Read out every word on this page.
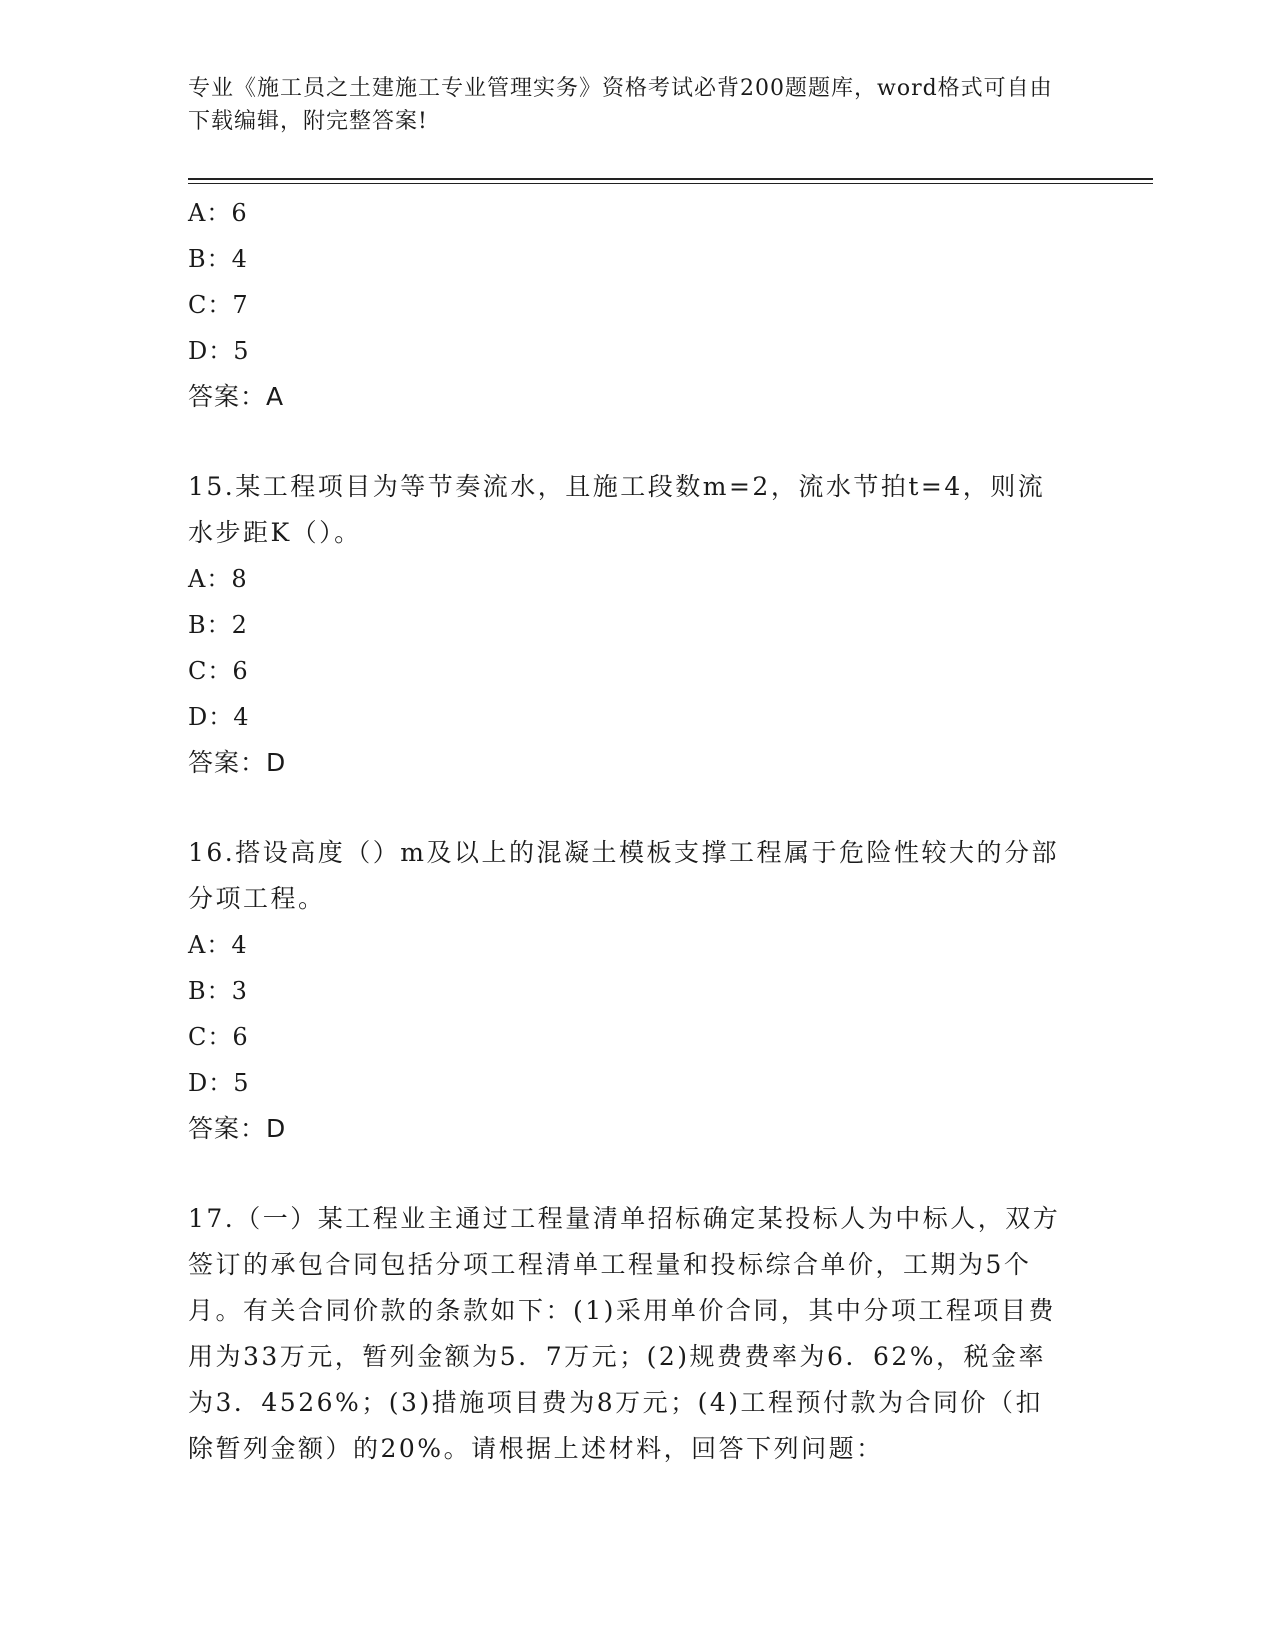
专业《施工员之土建施工专业管理实务》资格考试必背200题题库，word格式可自由下载编辑，附完整答案!
A：6
B：4
C：7
D：5
答案：A

15.某工程项目为等节奏流水，且施工段数m=2，流水节拍t=4，则流水步距K（）。

A：8
B：2
C：6
D：4
答案：D

16.搭设高度（）m及以上的混凝土模板支撑工程属于危险性较大的分部分项工程。

A：4
B：3
C：6
D：5
答案：D

17.（一）某工程业主通过工程量清单招标确定某投标人为中标人，双方签订的承包合同包括分项工程清单工程量和投标综合单价，工期为5个月。有关合同价款的条款如下：(1)采用单价合同，其中分项工程项目费用为33万元，暂列金额为5．7万元；(2)规费费率为6．62%，税金率为3．4526%；(3)措施项目费为8万元；(4)工程预付款为合同价（扣除暂列金额）的20%。请根据上述材料，回答下列问题：
